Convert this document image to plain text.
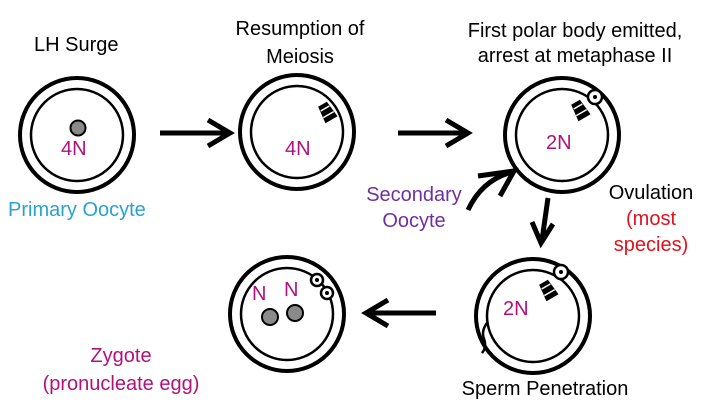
LH Surge
Resumption of
Meiosis
First polar body emitted,
arrest at metaphase II
4N	4N	2N
Primary Oocyte
Secondary
Oocyte
Ovulation
(most
species)
N N
2N
Zygote
(pronucleate egg)	Sperm Penetration
